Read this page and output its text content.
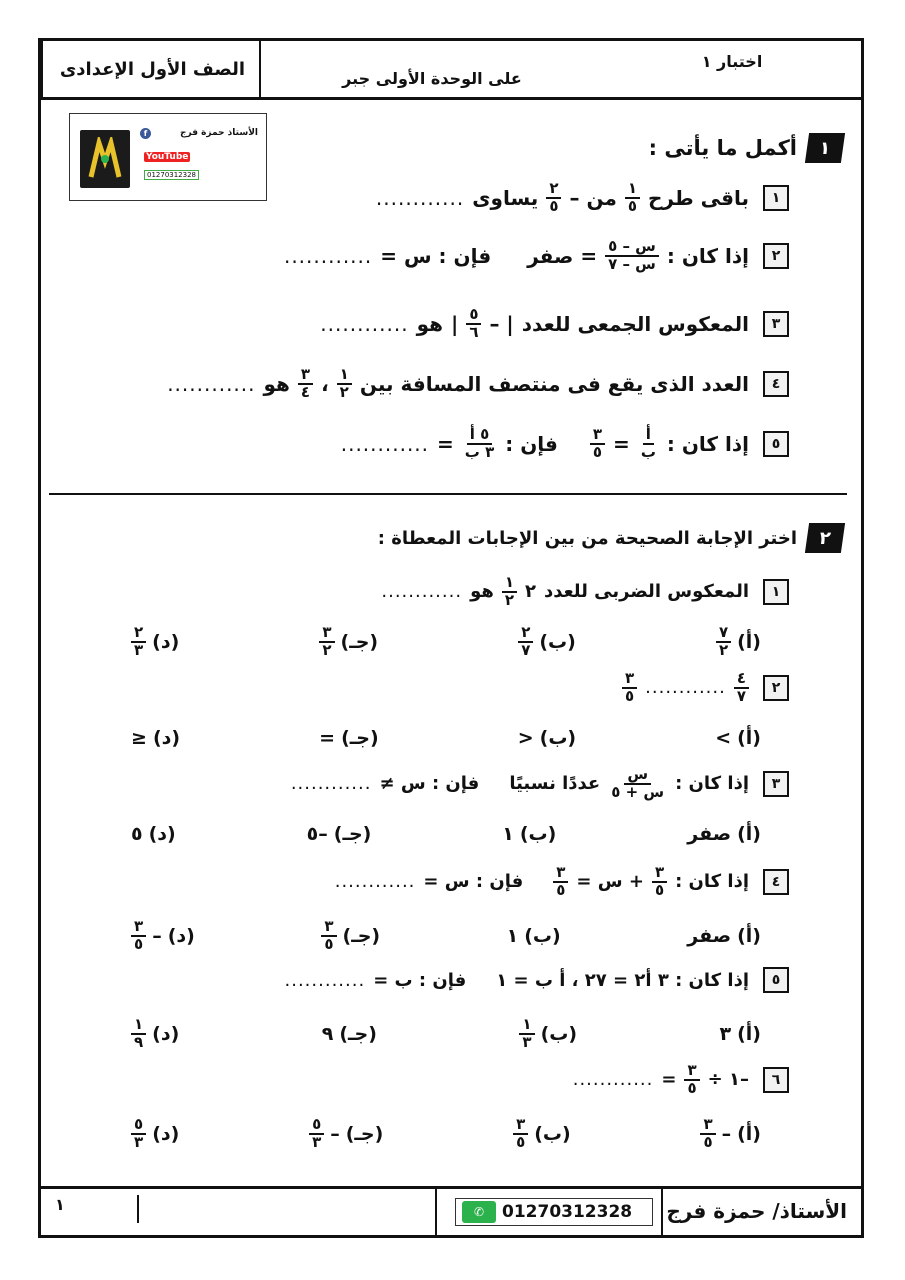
اختبار ١
على الوحدة الأولى جبر
الصف الأول الإعدادى
الأستاذ حمزة فرج
f
YouTube
01270312328
١
أكمل ما يأتى :
١
باقى طرح
$\frac{١}{٥}$
من –
$\frac{٢}{٥}$
يساوى
............
٢
إذا كان :
$\frac{\text{س – ٥}}{\text{س – ٧}}$
= صفر
فإن : س =
............
٣
المعكوس الجمعى للعدد
| –
$\frac{٥}{٦}$
|
هو
............
٤
العدد الذى يقع فى منتصف المسافة بين
$\frac{١}{٢}$
،
$\frac{٣}{٤}$
هو
............
٥
إذا كان :
$\frac{\text{أ}}{\text{ب}}$
=
$\frac{٣}{٥}$
فإن :
$\frac{\text{٥ أ}}{\text{٣ ب}}$
=
............
٢
اختر الإجابة الصحيحة من بين الإجابات المعطاة :
١
المعكوس الضربى للعدد
٢
$\frac{١}{٢}$
هو
............
(أ)
$\frac{٧}{٢}$
(ب)
$\frac{٢}{٧}$
(جـ)
$\frac{٣}{٢}$
(د)
$\frac{٢}{٣}$
٢
$\frac{٤}{٧}$
............
$\frac{٣}{٥}$
(أ)
>
(ب)
<
(جـ)
=
(د)
≤
٣
إذا كان :
$\frac{\text{س}}{\text{س + ٥}}$
عددًا نسبيًا
فإن : س ≠
............
(أ)
صفر
(ب)
١
(جـ)
–٥
(د)
٥
٤
إذا كان :
$\frac{٣}{٥}$
+ س =
$\frac{٣}{٥}$
فإن : س =
............
(أ)
صفر
(ب)
١
(جـ)
$\frac{٣}{٥}$
(د)
–
$\frac{٣}{٥}$
٥
إذا كان : ٣ أ٢ = ٢٧ ، أ ب = ١
فإن : ب =
............
(أ)
٣
(ب)
$\frac{١}{٣}$
(جـ)
٩
(د)
$\frac{١}{٩}$
٦
–١ ÷
$\frac{٣}{٥}$
=
............
(أ)
–
$\frac{٣}{٥}$
(ب)
$\frac{٣}{٥}$
(جـ)
–
$\frac{٥}{٣}$
(د)
$\frac{٥}{٣}$
الأستاذ/ حمزة فرج
✆	01270312328
١
